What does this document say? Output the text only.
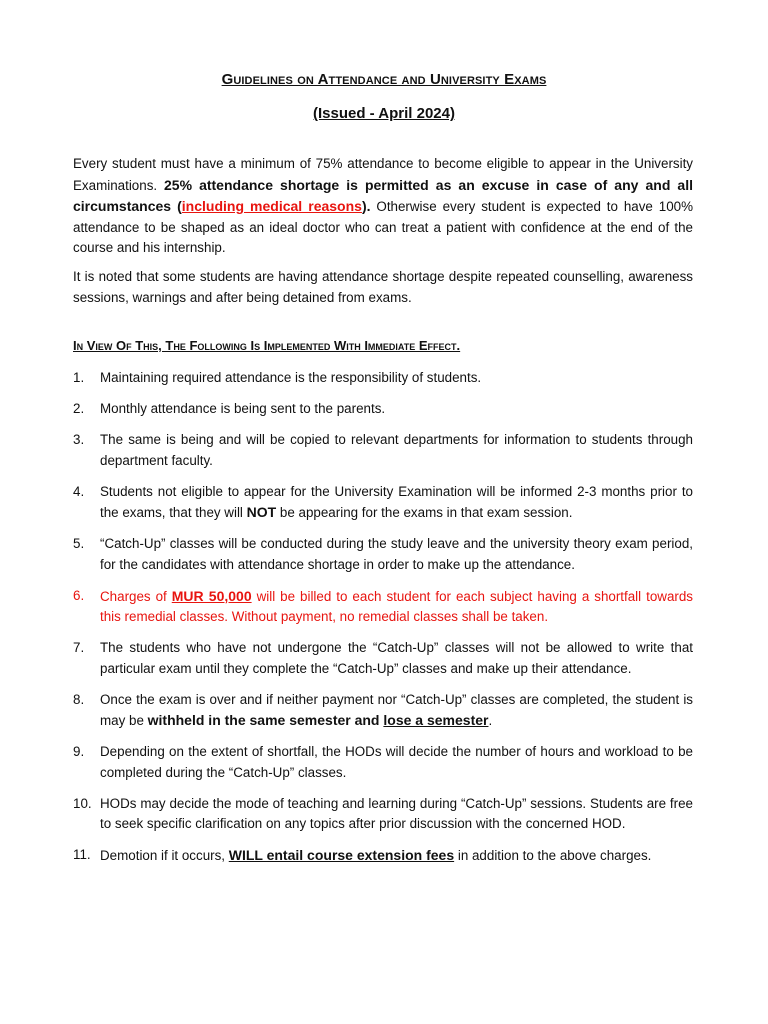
Guidelines on Attendance and University Exams
(Issued - April 2024)

Every student must have a minimum of 75% attendance to become eligible to appear in the University Examinations. 25% attendance shortage is permitted as an excuse in case of any and all circumstances (including medical reasons). Otherwise every student is expected to have 100% attendance to be shaped as an ideal doctor who can treat a patient with confidence at the end of the course and his internship.

It is noted that some students are having attendance shortage despite repeated counselling, awareness sessions, warnings and after being detained from exams.

In View Of This, The Following Is Implemented With Immediate Effect.

1.	Maintaining required attendance is the responsibility of students.
2.	Monthly attendance is being sent to the parents.
3.	The same is being and will be copied to relevant departments for information to students through department faculty.
4.	Students not eligible to appear for the University Examination will be informed 2-3 months prior to the exams, that they will NOT be appearing for the exams in that exam session.
5.	“Catch-Up” classes will be conducted during the study leave and the university theory exam period, for the candidates with attendance shortage in order to make up the attendance.
6.	Charges of MUR 50,000 will be billed to each student for each subject having a shortfall towards this remedial classes. Without payment, no remedial classes shall be taken.
7.	The students who have not undergone the “Catch-Up” classes will not be allowed to write that particular exam until they complete the “Catch-Up” classes and make up their attendance.
8.	Once the exam is over and if neither payment nor “Catch-Up” classes are completed, the student is may be withheld in the same semester and lose a semester.
9.	Depending on the extent of shortfall, the HODs will decide the number of hours and workload to be completed during the “Catch-Up” classes.
10. HODs may decide the mode of teaching and learning during “Catch-Up” sessions. Students are free to seek specific clarification on any topics after prior discussion with the concerned HOD.
11. Demotion if it occurs, WILL entail course extension fees in addition to the above charges.
